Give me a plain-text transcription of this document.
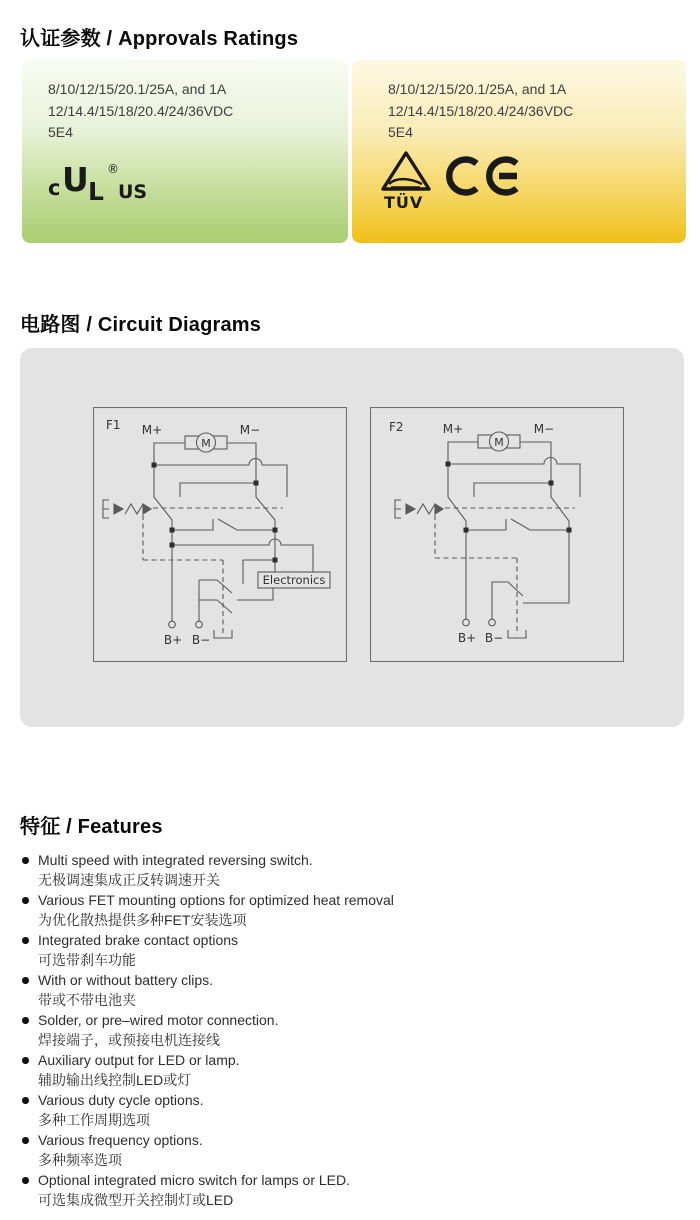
认证参数 / Approvals Ratings
8/10/12/15/20.1/25A, and 1A
12/14.4/15/18/20.4/24/36VDC
5E4
c U L
®
US
8/10/12/15/20.1/25A, and 1A
12/14.4/15/18/20.4/24/36VDC
5E4
TÜV
电路图 / Circuit Diagrams
F1 M+	M−
M
Electronics
B+ B−
F2	M+	M−
M
B+ B−
特征 / Features
Multi speed with integrated reversing switch.
无极调速集成正反转调速开关
Various FET mounting options for optimized heat removal
为优化散热提供多种FET安装选项
Integrated brake contact options
可选带刹车功能
With or without battery clips.
带或不带电池夹
Solder, or pre–wired motor connection.
焊接端子，或预接电机连接线
Auxiliary output for LED or lamp.
辅助输出线控制LED或灯
Various duty cycle options.
多种工作周期选项
Various frequency options.
多种频率选项
Optional integrated micro switch for lamps or LED.
可选集成微型开关控制灯或LED
